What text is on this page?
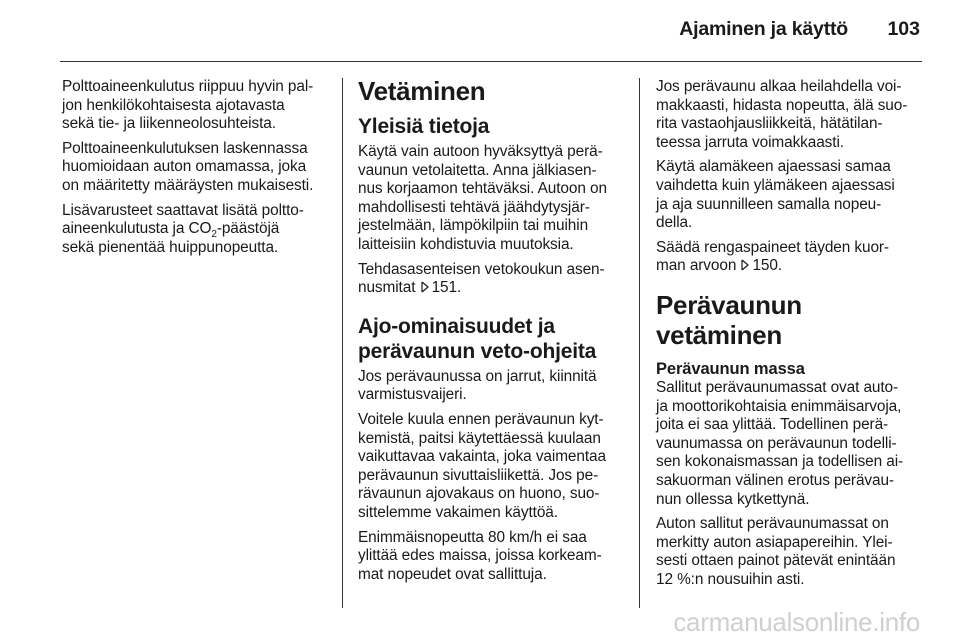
Ajaminen ja käyttö 103

Polttoaineenkulutus riippuu hyvin pal-
jon henkilökohtaisesta ajotavasta
sekä tie- ja liikenneolosuhteista.

Polttoaineenkulutuksen laskennassa
huomioidaan auton omamassa, joka
on määritetty määräysten mukaisesti.

Lisävarusteet saattavat lisätä poltto-
aineenkulutusta ja $CO_2$-päästöjä
sekä pienentää huippunopeutta.

Vetäminen
Yleisiä tietoja

Käytä vain autoon hyväksyttyä perä-
vaunun vetolaitetta. Anna jälkiasen-
nus korjaamon tehtäväksi. Autoon on
mahdollisesti tehtävä jäähdytysjär-
jestelmään, lämpökilpiin tai muihin
laitteisiin kohdistuvia muutoksia.

Tehdasasenteisen vetokoukun asen-
nusmitat 151.

Ajo-ominaisuudet ja
perävaunun veto-ohjeita

Jos perävaunussa on jarrut, kiinnitä
varmistusvaijeri.

Voitele kuula ennen perävaunun kyt-
kemistä, paitsi käytettäessä kuulaan
vaikuttavaa vakainta, joka vaimentaa
perävaunun sivuttaisliikettä. Jos pe-
rävaunun ajovakaus on huono, suo-
sittelemme vakaimen käyttöä.

Enimmäisnopeutta 80 km/h ei saa
ylittää edes maissa, joissa korkeam-
mat nopeudet ovat sallittuja.

Jos perävaunu alkaa heilahdella voi-
makkaasti, hidasta nopeutta, älä suo-
rita vastaohjausliikkeitä, hätätilan-
teessa jarruta voimakkaasti.

Käytä alamäkeen ajaessasi samaa
vaihdetta kuin ylämäkeen ajaessasi
ja aja suunnilleen samalla nopeu-
della.

Säädä rengaspaineet täyden kuor-
man arvoon 150.

Perävaunun vetäminen
Perävaunun massa

Sallitut perävaunumassat ovat auto-
ja moottorikohtaisia enimmäisarvoja,
joita ei saa ylittää. Todellinen perä-
vaunumassa on perävaunun todelli-
sen kokonaismassan ja todellisen ai-
sakuorman välinen erotus perävau-
nun ollessa kytkettynä.

Auton sallitut perävaunumassat on
merkitty auton asiapapereihin. Ylei-
sesti ottaen painot pätevät enintään
12 %:n nousuihin asti.

carmanualsonline.info
